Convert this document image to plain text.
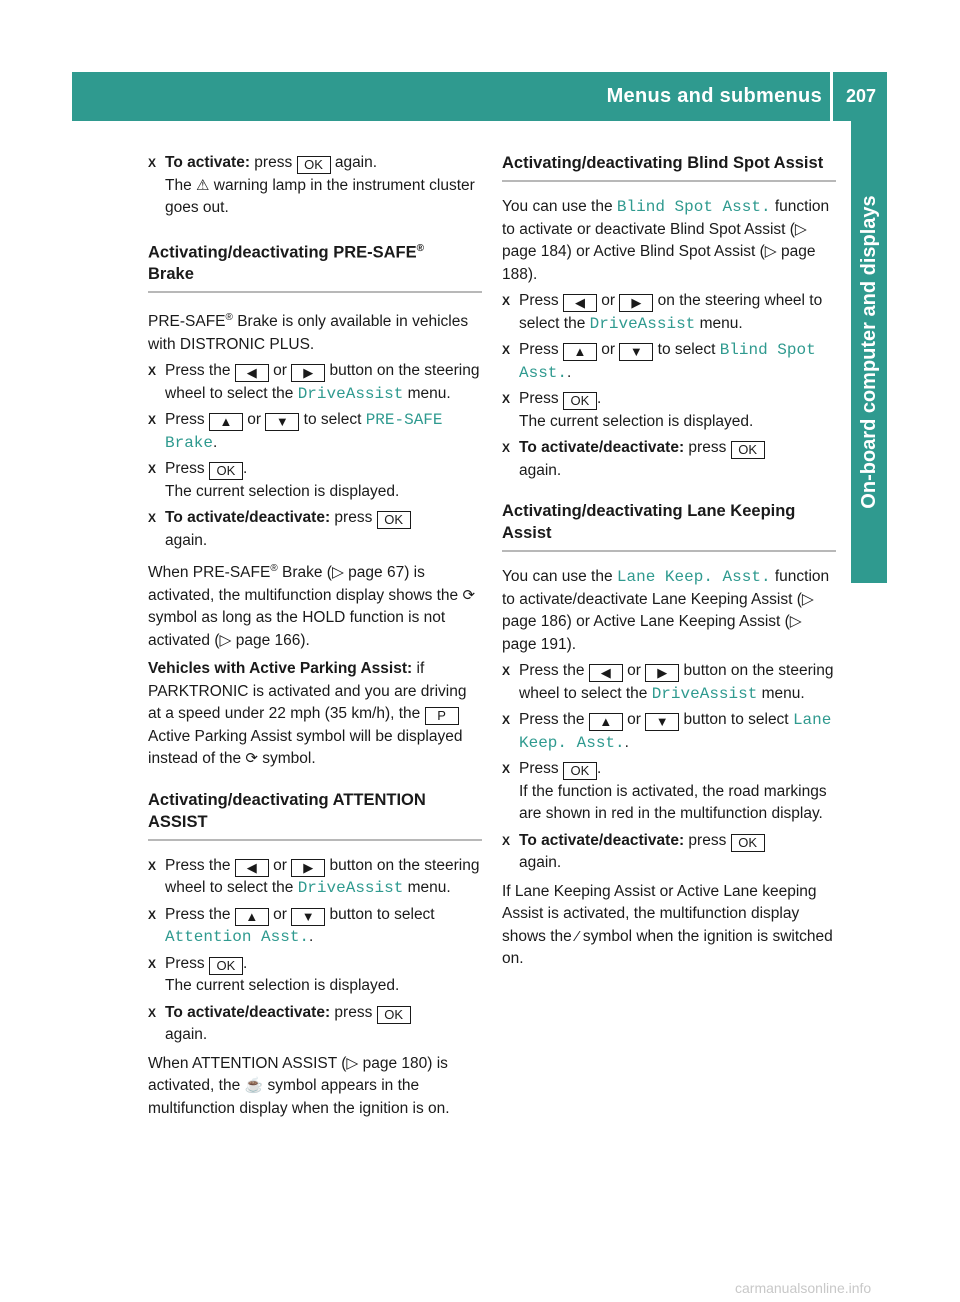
Menus and submenus	207
On-board computer and displays
X To activate: press OK again.
The ⚠ warning lamp in the instrument cluster goes out.
Activating/deactivating PRE-SAFE®
Brake
PRE-SAFE® Brake is only available in vehicles with DISTRONIC PLUS.
X Press the ◀ or ▶ button on the steering wheel to select the DriveAssist menu.
X Press ▲ or ▼ to select PRE-SAFE Brake.
X Press OK .
The current selection is displayed.
X To activate/deactivate: press OK
again.
When PRE-SAFE® Brake (▷ page 67) is activated, the multifunction display shows the ⟳ symbol as long as the HOLD function is not activated (▷ page 166).
Vehicles with Active Parking Assist: if PARKTRONIC is activated and you are driving at a speed under 22 mph (35 km/h), the P Active Parking Assist symbol will be displayed instead of the ⟳ symbol.
Activating/deactivating ATTENTION ASSIST
X Press the ◀ or ▶ button on the steering wheel to select the DriveAssist menu.
X Press the ▲ or ▼ button to select Attention Asst..
X Press OK .
The current selection is displayed.
X To activate/deactivate: press OK
again.
When ATTENTION ASSIST (▷ page 180) is activated, the ☕ symbol appears in the multifunction display when the ignition is on.
Activating/deactivating Blind Spot Assist
You can use the Blind Spot Asst. function to activate or deactivate Blind Spot Assist (▷ page 184) or Active Blind Spot Assist (▷ page 188).
X Press ◀ or ▶ on the steering wheel to select the DriveAssist menu.
X Press ▲ or ▼ to select Blind Spot Asst..
X Press OK .
The current selection is displayed.
X To activate/deactivate: press OK
again.
Activating/deactivating Lane Keeping Assist
You can use the Lane Keep. Asst. function to activate/deactivate Lane Keeping Assist (▷ page 186) or Active Lane Keeping Assist (▷ page 191).
X Press the ◀ or ▶ button on the steering wheel to select the DriveAssist menu.
X Press the ▲ or ▼ button to select Lane Keep. Asst..
X Press OK .
If the function is activated, the road markings are shown in red in the multifunction display.
X To activate/deactivate: press OK
again.
If Lane Keeping Assist or Active Lane keeping Assist is activated, the multifunction display shows the ⁄ symbol when the ignition is switched on.
carmanualsonline.info
